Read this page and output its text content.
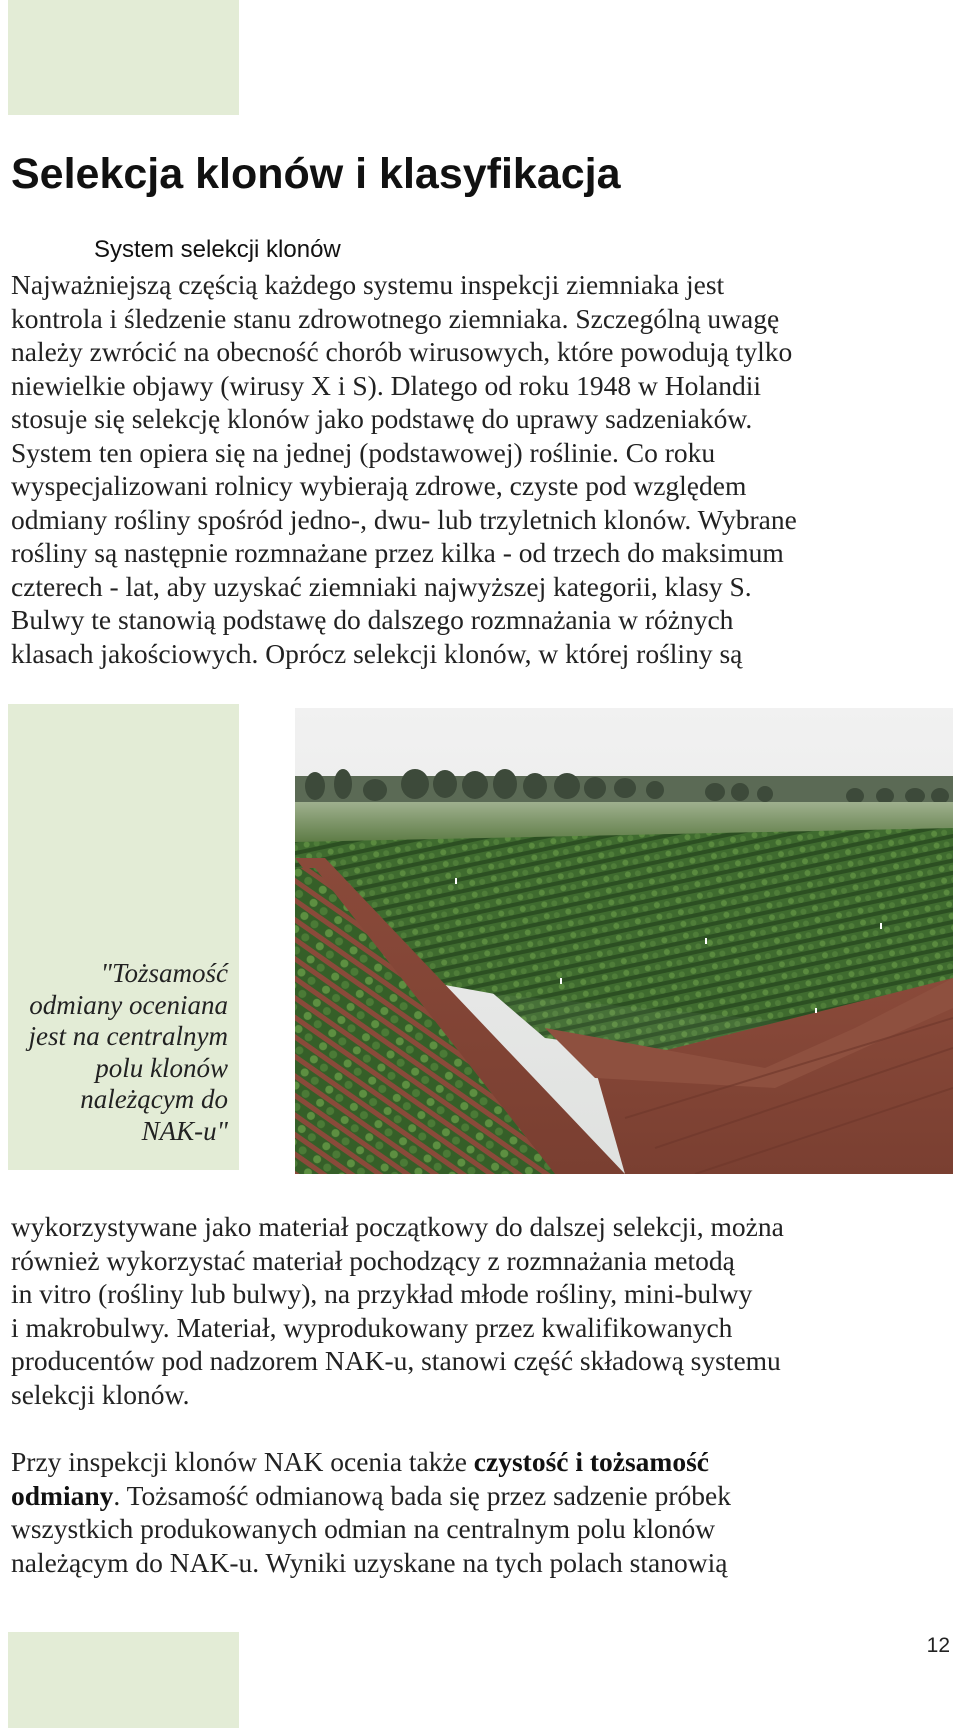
Selekcja klonów i klasyfikacja

System selekcji klonów

Najważniejszą częścią każdego systemu inspekcji ziemniaka jest
kontrola i śledzenie stanu zdrowotnego ziemniaka. Szczególną uwagę
należy zwrócić na obecność chorób wirusowych, które powodują tylko
niewielkie objawy (wirusy X i S). Dlatego od roku 1948 w Holandii
stosuje się selekcję klonów jako podstawę do uprawy sadzeniaków.
System ten opiera się na jednej (podstawowej) roślinie. Co roku
wyspecjalizowani rolnicy wybierają zdrowe, czyste pod względem
odmiany rośliny spośród jedno-, dwu- lub trzyletnich klonów. Wybrane
rośliny są następnie rozmnażane przez kilka - od trzech do maksimum
czterech - lat, aby uzyskać ziemniaki najwyższej kategorii, klasy S.
Bulwy te stanowią podstawę do dalszego rozmnażania w różnych
klasach jakościowych. Oprócz selekcji klonów, w której rośliny są
"Tożsamość
odmiany oceniana
jest na centralnym
polu klonów
należącym do
NAK-u"
wykorzystywane jako materiał początkowy do dalszej selekcji, można
również wykorzystać materiał pochodzący z rozmnażania metodą
in vitro (rośliny lub bulwy), na przykład młode rośliny, mini-bulwy
i makrobulwy. Materiał, wyprodukowany przez kwalifikowanych
producentów pod nadzorem NAK-u, stanowi część składową systemu
selekcji klonów.
Przy inspekcji klonów NAK ocenia także czystość i tożsamość
odmiany. Tożsamość odmianową bada się przez sadzenie próbek
wszystkich produkowanych odmian na centralnym polu klonów
należącym do NAK-u. Wyniki uzyskane na tych polach stanowią

12
